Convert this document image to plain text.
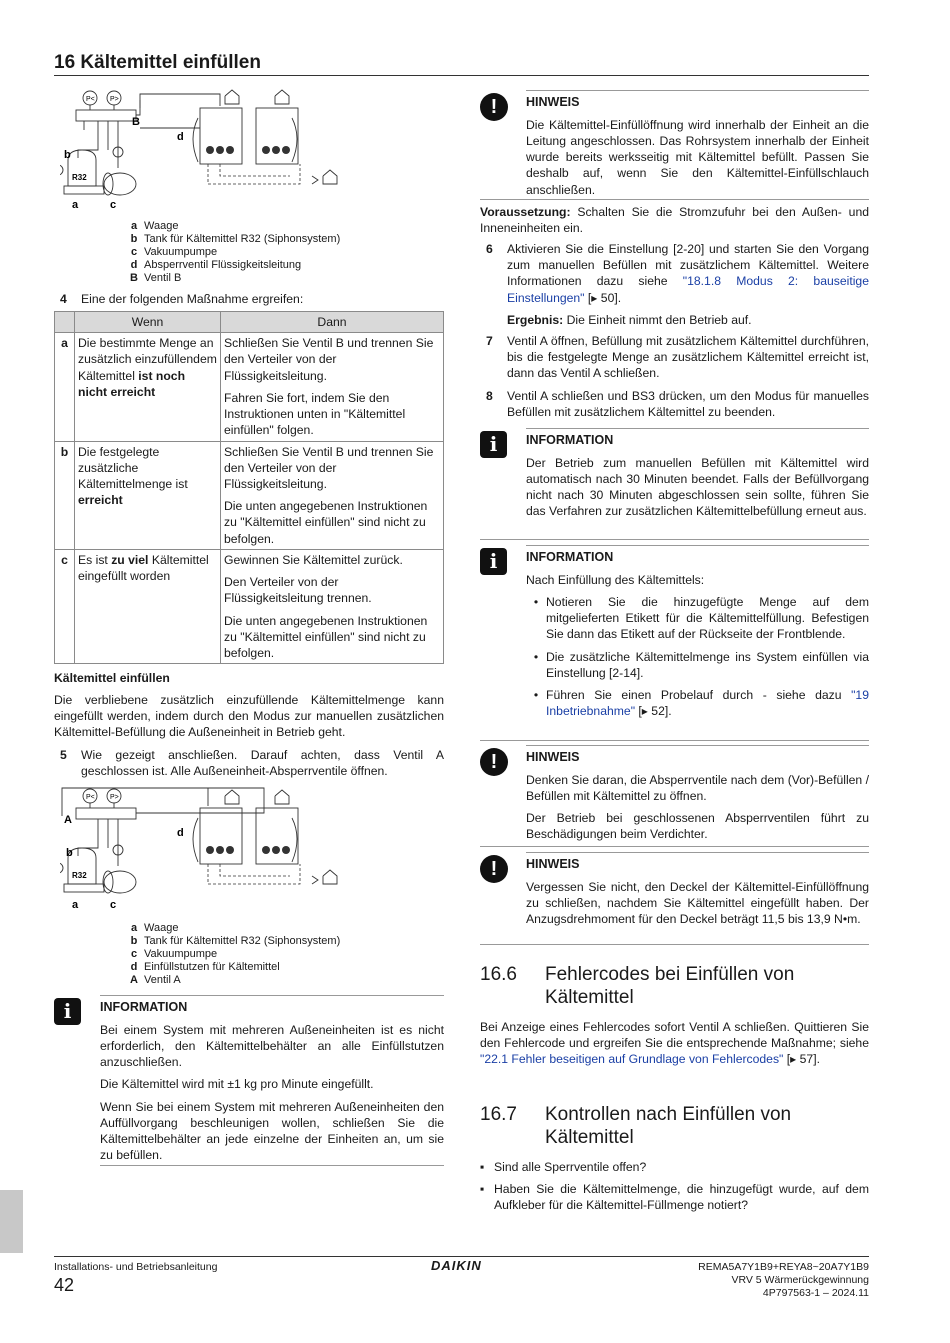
16 Kältemittel einfüllen
P< P>
R32
B
b
d
a	c
a Waage
b Tank für Kältemittel R32 (Siphonsystem)
c Vakuumpumpe
d Absperrventil Flüssigkeitsleitung
B Ventil B
4	Eine der folgenden Maßnahme ergreifen:
	Wenn	Dann
a	Die bestimmte Menge an zusätzlich einzufüllendem Kältemittel ist noch nicht erreicht	Schließen Sie Ventil B und trennen Sie den Verteiler von der Flüssigkeitsleitung.

Fahren Sie fort, indem Sie den Instruktionen unten in "Kältemittel einfüllen" folgen.

b	Die festgelegte zusätzliche Kältemittelmenge ist erreicht	Schließen Sie Ventil B und trennen Sie den Verteiler von der Flüssigkeitsleitung.

Die unten angegebenen Instruktionen zu "Kältemittel einfüllen" sind nicht zu befolgen.

c	Es ist zu viel Kältemittel eingefüllt worden	Gewinnen Sie Kältemittel zurück.

Den Verteiler von der Flüssigkeitsleitung trennen.

Die unten angegebenen Instruktionen zu "Kältemittel einfüllen" sind nicht zu befolgen.

Kältemittel einfüllen
Die verbliebene zusätzlich einzufüllende Kältemittelmenge kann eingefüllt werden, indem durch den Modus zur manuellen zusätzlichen Kältemittel-Befüllung die Außeneinheit in Betrieb geht.
5	Wie gezeigt anschließen. Darauf achten, dass Ventil A geschlossen ist. Alle Außeneinheit-Absperrventile öffnen.
P< P>
R32
A
b
d
a	c
a Waage
b Tank für Kältemittel R32 (Siphonsystem)
c Vakuumpumpe
d Einfüllstutzen für Kältemittel
A Ventil A
i	INFORMATION

Bei einem System mit mehreren Außeneinheiten ist es nicht erforderlich, den Kältemittelbehälter an alle Einfüllstutzen anzuschließen.

Die Kältemittel wird mit ±1 kg pro Minute eingefüllt.

Wenn Sie bei einem System mit mehreren Außeneinheiten den Auffüllvorgang beschleunigen wollen, schließen Sie die Kältemittelbehälter an jede einzelne der Einheiten an, um sie zu befüllen.

!	HINWEIS

Die Kältemittel-Einfüllöffnung wird innerhalb der Einheit an die Leitung angeschlossen. Das Rohrsystem innerhalb der Einheit wurde bereits werksseitig mit Kältemittel befüllt. Passen Sie deshalb auf, wenn Sie den Kältemittel-Einfüllschlauch anschließen.

Voraussetzung: Schalten Sie die Stromzufuhr bei den Außen- und Inneneinheiten ein.
6	Aktivieren Sie die Einstellung [2‑20] und starten Sie den Vorgang zum manuellen Befüllen mit zusätzlichem Kältemittel. Weitere Informationen dazu siehe "18.1.8 Modus 2: bauseitige Einstellungen" [▸ 50].
Ergebnis: Die Einheit nimmt den Betrieb auf.
7	Ventil A öffnen, Befüllung mit zusätzlichem Kältemittel durchführen, bis die festgelegte Menge an zusätzlichem Kältemittel erreicht ist, dann das Ventil A schließen.
8	Ventil A schließen und BS3 drücken, um den Modus für manuelles Befüllen mit zusätzlichem Kältemittel zu beenden.
i	INFORMATION

Der Betrieb zum manuellen Befüllen mit Kältemittel wird automatisch nach 30 Minuten beendet. Falls der Befüllvorgang nicht nach 30 Minuten abgeschlossen sein sollte, führen Sie das Verfahren zur zusätzlichen Kältemittelbefüllung erneut aus.

i	INFORMATION

Nach Einfüllung des Kältemittels:

• Notieren Sie die hinzugefügte Menge auf dem mitgelieferten Etikett für die Kältemittelfüllung. Befestigen Sie dann das Etikett auf der Rückseite der Frontblende.
• Die zusätzliche Kältemittelmenge ins System einfüllen via Einstellung [2‑14].
• Führen Sie einen Probelauf durch - siehe dazu "19 Inbetriebnahme" [▸ 52].
!	HINWEIS

Denken Sie daran, die Absperrventile nach dem (Vor)-Befüllen / Befüllen mit Kältemittel zu öffnen.

Der Betrieb bei geschlossenen Absperrventilen führt zu Beschädigungen beim Verdichter.

!	HINWEIS

Vergessen Sie nicht, den Deckel der Kältemittel-Einfüllöffnung zu schließen, nachdem Sie Kältemittel eingefüllt haben. Der Anzugsdrehmoment für den Deckel beträgt 11,5 bis 13,9 N•m.

16.6	Fehlercodes bei Einfüllen von Kältemittel
Bei Anzeige eines Fehlercodes sofort Ventil A schließen. Quittieren Sie den Fehlercode und ergreifen Sie die entsprechende Maßnahme; siehe "22.1 Fehler beseitigen auf Grundlage von Fehlercodes" [▸ 57].
16.7	Kontrollen nach Einfüllen von Kältemittel
▪ Sind alle Sperrventile offen?
▪ Haben Sie die Kältemittelmenge, die hinzugefügt wurde, auf dem Aufkleber für die Kältemittel-Füllmenge notiert?
Installations- und Betriebsanleitung
42
DAIKIN	REMA5A7Y1B9+REYA8~20A7Y1B9
VRV 5 Wärmerückgewinnung
4P797563-1 – 2024.11
